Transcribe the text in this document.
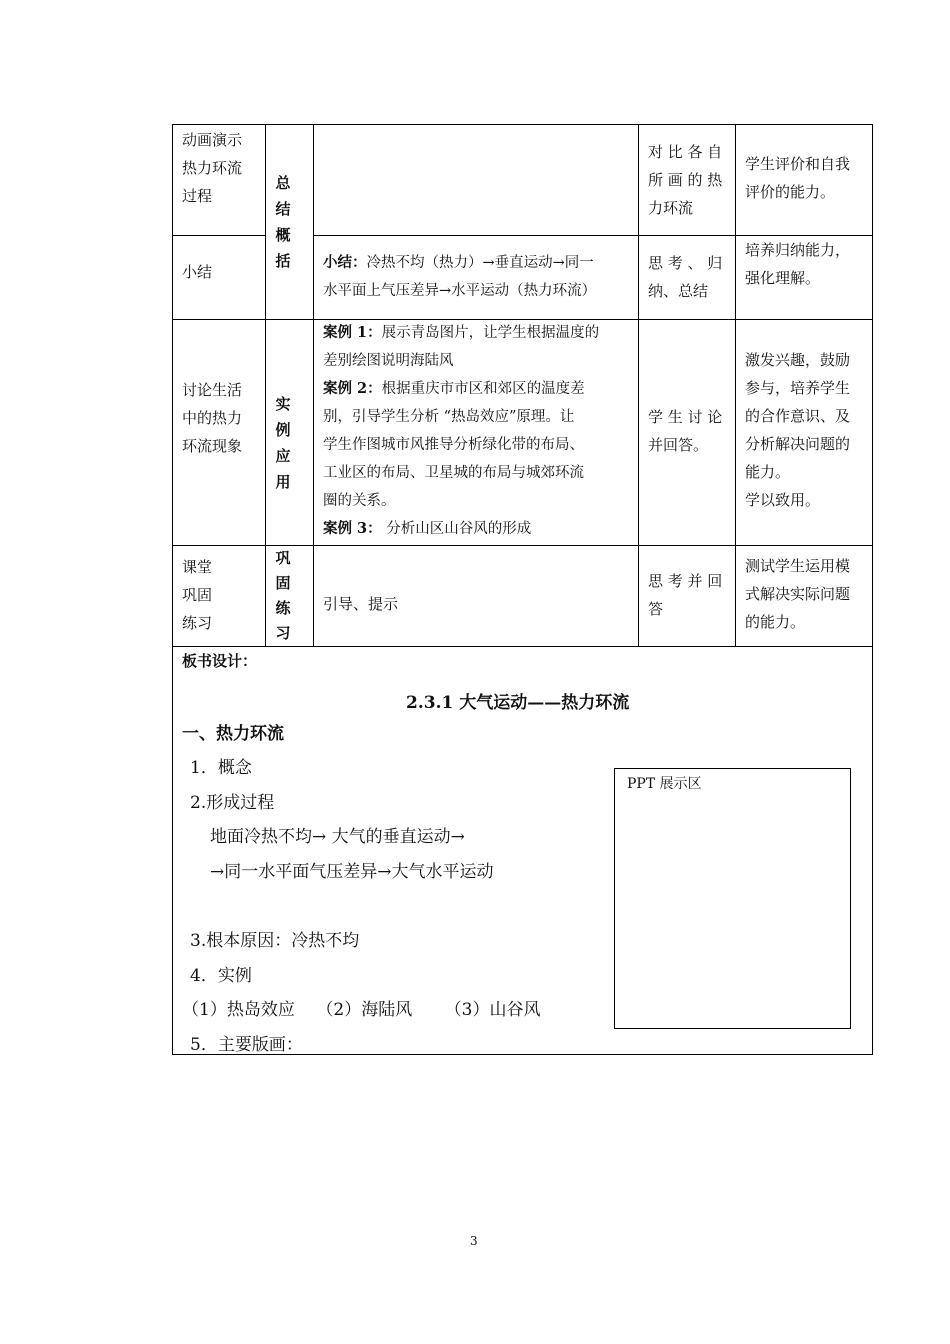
动画演示
热力环流
过程
对 比 各 自
所 画 的 热
力环流
学生评价和自我
评价的能力。
总
结
概
括
小结
小结：冷热不均（热力）→垂直运动→同一
水平面上气压差异→水平运动（热力环流）
思 考 、 归
纳、总结
培养归纳能力，
强化理解。
讨论生活
中的热力
环流现象
实
例
应
用
案例 1：展示青岛图片，让学生根据温度的
差别绘图说明海陆风
案例 2：根据重庆市市区和郊区的温度差
别，引导学生分析 “热岛效应”原理。让
学生作图城市风推导分析绿化带的布局、
工业区的布局、卫星城的布局与城郊环流
圈的关系。
案例 3： 分析山区山谷风的形成
学 生 讨 论
并回答。
激发兴趣，鼓励
参与，培养学生
的合作意识、及
分析解决问题的
能力。
学以致用。
课堂
巩固
练习
巩
固
练
习
引导、提示
思 考 并 回
答
测试学生运用模
式解决实际问题
的能力。
板书设计：
2.3.1 大气运动——热力环流
一、热力环流
1．概念
2.形成过程
地面冷热不均→ 大气的垂直运动→
→同一水平面气压差异→大气水平运动
3.根本原因：冷热不均
4．实例
（1）热岛效应    （2）海陆风      （3）山谷风
5．主要版画：
PPT 展示区
3
